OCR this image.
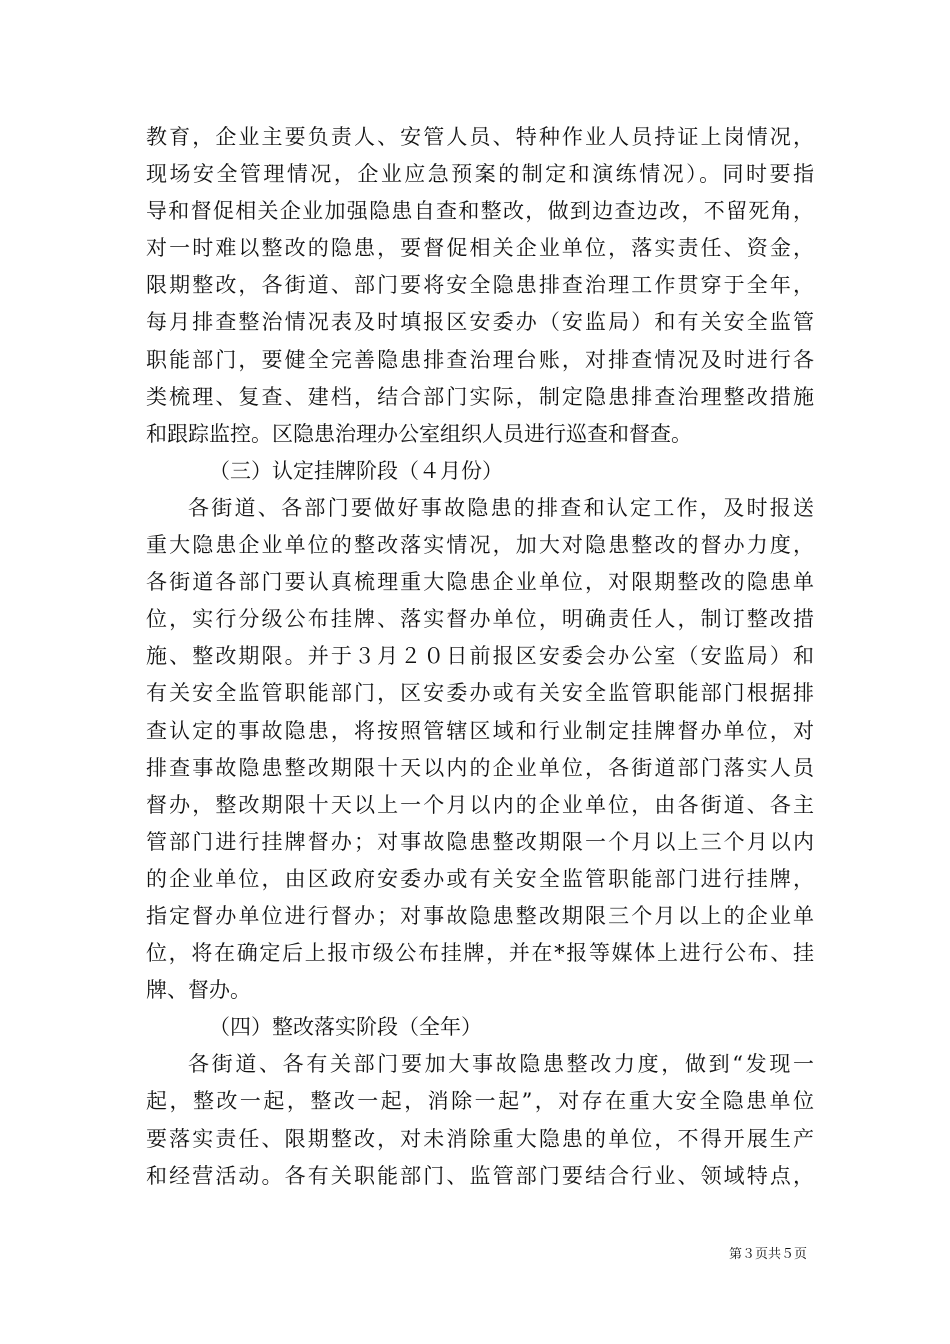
教育，企业主要负责人、安管人员、特种作业人员持证上岗情况，
现场安全管理情况，企业应急预案的制定和演练情况）。同时要指
导和督促相关企业加强隐患自查和整改，做到边查边改，不留死角，
对一时难以整改的隐患，要督促相关企业单位，落实责任、资金，
限期整改，各街道、部门要将安全隐患排查治理工作贯穿于全年，
每月排查整治情况表及时填报区安委办（安监局）和有关安全监管
职能部门，要健全完善隐患排查治理台账，对排查情况及时进行各
类梳理、复查、建档，结合部门实际，制定隐患排查治理整改措施
和跟踪监控。区隐患治理办公室组织人员进行巡查和督查。
（三）认定挂牌阶段（４月份）
各街道、各部门要做好事故隐患的排查和认定工作，及时报送
重大隐患企业单位的整改落实情况，加大对隐患整改的督办力度，
各街道各部门要认真梳理重大隐患企业单位，对限期整改的隐患单
位，实行分级公布挂牌、落实督办单位，明确责任人，制订整改措
施、整改期限。并于３月２０日前报区安委会办公室（安监局）和
有关安全监管职能部门，区安委办或有关安全监管职能部门根据排
查认定的事故隐患，将按照管辖区域和行业制定挂牌督办单位，对
排查事故隐患整改期限十天以内的企业单位，各街道部门落实人员
督办，整改期限十天以上一个月以内的企业单位，由各街道、各主
管部门进行挂牌督办；对事故隐患整改期限一个月以上三个月以内
的企业单位，由区政府安委办或有关安全监管职能部门进行挂牌，
指定督办单位进行督办；对事故隐患整改期限三个月以上的企业单
位，将在确定后上报市级公布挂牌，并在*报等媒体上进行公布、挂
牌、督办。
（四）整改落实阶段（全年）
各街道、各有关部门要加大事故隐患整改力度，做到“发现一
起，整改一起，整改一起，消除一起”，对存在重大安全隐患单位
要落实责任、限期整改，对未消除重大隐患的单位，不得开展生产
和经营活动。各有关职能部门、监管部门要结合行业、领域特点，
第３页共５页
